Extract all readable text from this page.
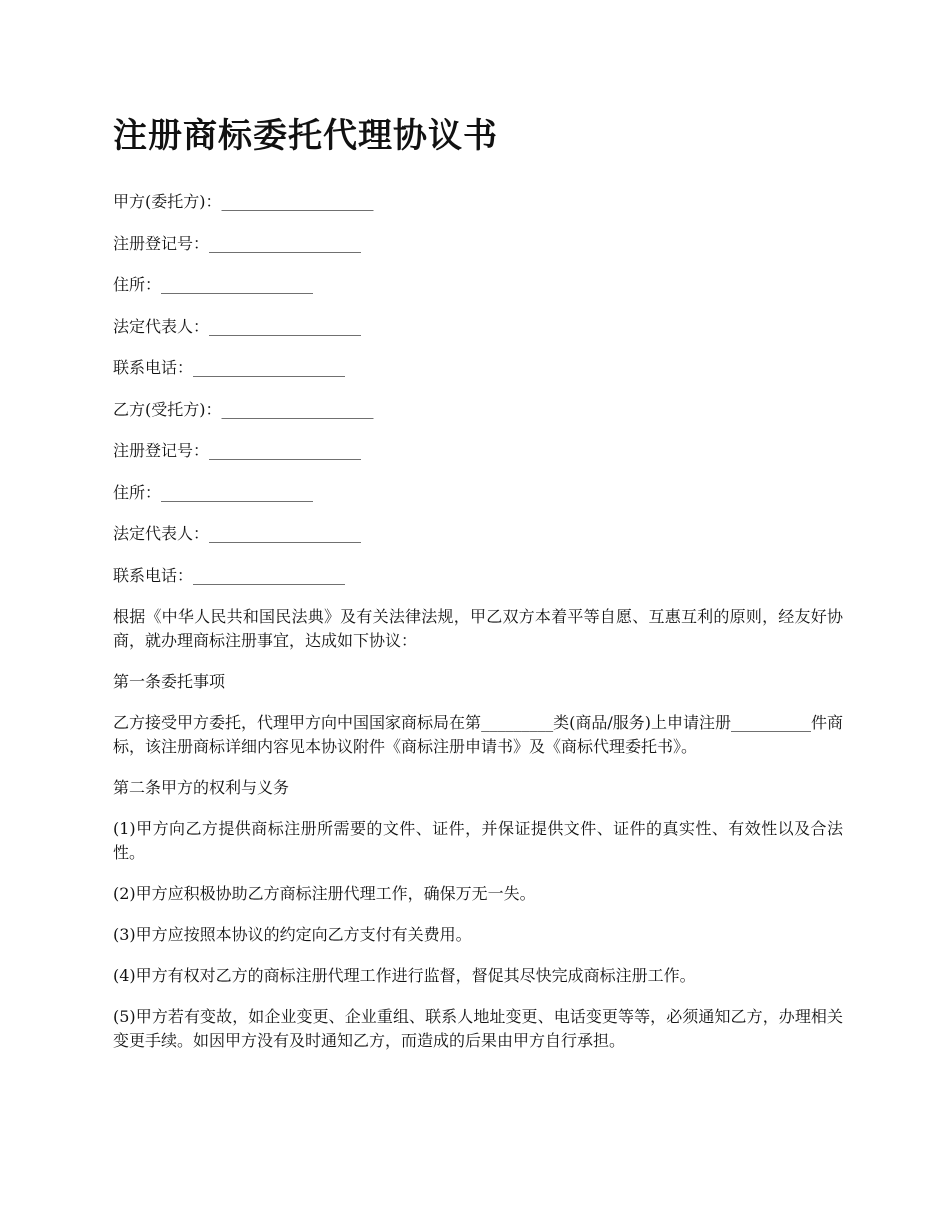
注册商标委托代理协议书

甲方(委托方)：___________________

注册登记号：___________________

住所：___________________

法定代表人：___________________

联系电话：___________________

乙方(受托方)：___________________

注册登记号：___________________

住所：___________________

法定代表人：___________________

联系电话：___________________

根据《中华人民共和国民法典》及有关法律法规，甲乙双方本着平等自愿、互惠互利的原则，经友好协商，就办理商标注册事宜，达成如下协议：

第一条委托事项

乙方接受甲方委托，代理甲方向中国国家商标局在第_________类(商品/服务)上申请注册__________件商标，该注册商标详细内容见本协议附件《商标注册申请书》及《商标代理委托书》。

第二条甲方的权利与义务

(1)甲方向乙方提供商标注册所需要的文件、证件，并保证提供文件、证件的真实性、有效性以及合法性。

(2)甲方应积极协助乙方商标注册代理工作，确保万无一失。

(3)甲方应按照本协议的约定向乙方支付有关费用。

(4)甲方有权对乙方的商标注册代理工作进行监督，督促其尽快完成商标注册工作。

(5)甲方若有变故，如企业变更、企业重组、联系人地址变更、电话变更等等，必须通知乙方，办理相关变更手续。如因甲方没有及时通知乙方，而造成的后果由甲方自行承担。
